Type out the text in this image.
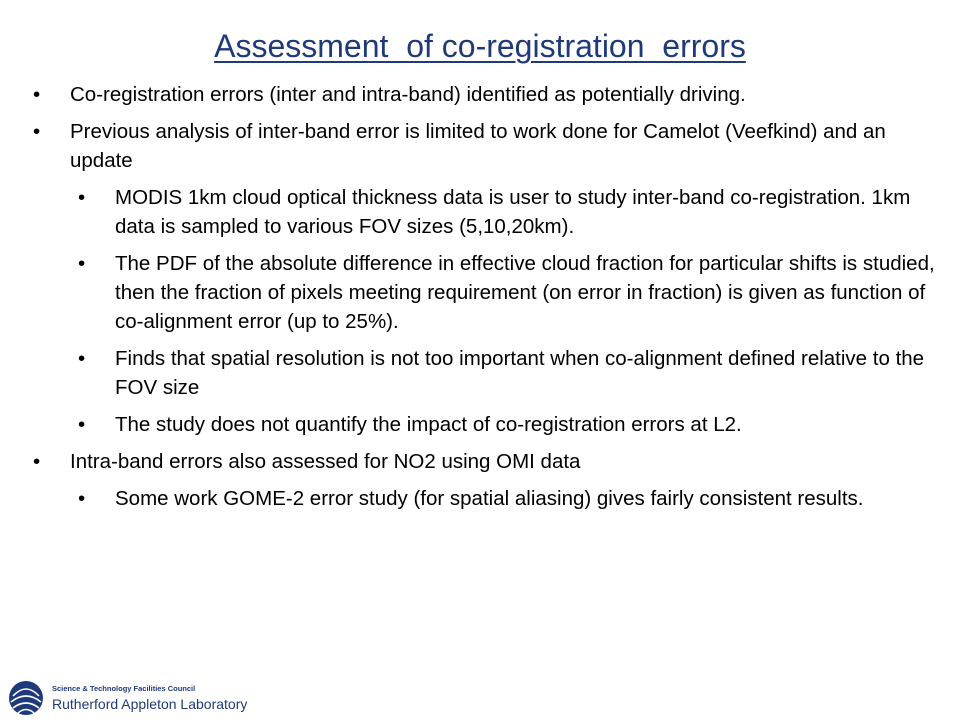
Assessment  of co-registration  errors
• Co-registration errors (inter and intra-band) identified as potentially driving.
• Previous analysis of inter-band error is limited to work done for Camelot (Veefkind) and an update
• MODIS 1km cloud optical thickness data is user to study inter-band co-registration. 1km data is sampled to various FOV sizes (5,10,20km).
• The PDF of the absolute difference in effective cloud fraction for particular shifts is studied, then the fraction of pixels meeting requirement (on error in fraction) is given as function of co-alignment error (up to 25%).
• Finds that spatial resolution is not too important when co-alignment defined relative to the FOV size
• The study does not quantify the impact of co-registration errors at L2.
• Intra-band errors also assessed for NO2 using OMI data
• Some work GOME-2 error study (for spatial aliasing) gives fairly consistent results.
Science & Technology Facilities Council
Rutherford Appleton Laboratory
